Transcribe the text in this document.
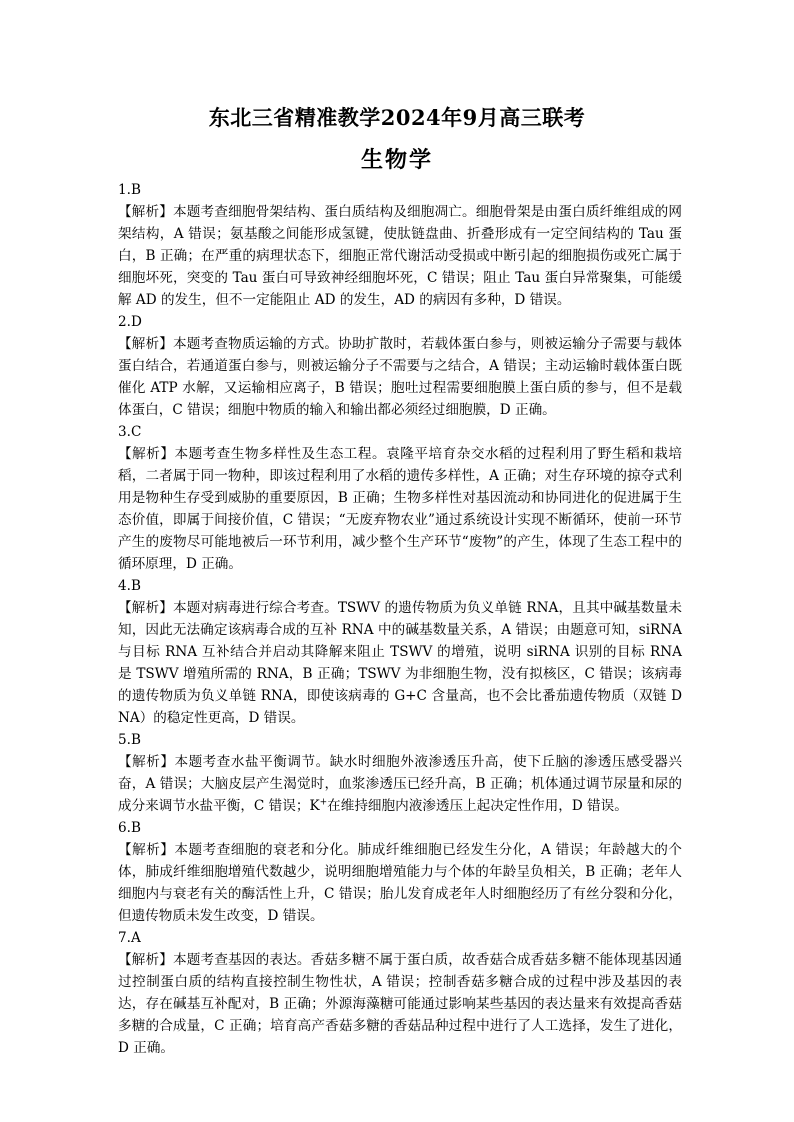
东北三省精准教学2024年9月高三联考
生物学
1.B
【解析】本题考查细胞骨架结构、蛋白质结构及细胞凋亡。细胞骨架是由蛋白质纤维组成的网架结构，A 错误；氨基酸之间能形成氢键，使肽链盘曲、折叠形成有一定空间结构的 Tau 蛋白，B 正确；在严重的病理状态下，细胞正常代谢活动受损或中断引起的细胞损伤或死亡属于细胞坏死，突变的 Tau 蛋白可导致神经细胞坏死，C 错误；阻止 Tau 蛋白异常聚集，可能缓解 AD 的发生，但不一定能阻止 AD 的发生，AD 的病因有多种，D 错误。
2.D
【解析】本题考查物质运输的方式。协助扩散时，若载体蛋白参与，则被运输分子需要与载体蛋白结合，若通道蛋白参与，则被运输分子不需要与之结合，A 错误；主动运输时载体蛋白既催化 ATP 水解，又运输相应离子，B 错误；胞吐过程需要细胞膜上蛋白质的参与，但不是载体蛋白，C 错误；细胞中物质的输入和输出都必须经过细胞膜，D 正确。
3.C
【解析】本题考查生物多样性及生态工程。袁隆平培育杂交水稻的过程利用了野生稻和栽培稻，二者属于同一物种，即该过程利用了水稻的遗传多样性，A 正确；对生存环境的掠夺式利用是物种生存受到威胁的重要原因，B 正确；生物多样性对基因流动和协同进化的促进属于生态价值，即属于间接价值，C 错误；“无废弃物农业”通过系统设计实现不断循环，使前一环节产生的废物尽可能地被后一环节利用，减少整个生产环节“废物”的产生，体现了生态工程中的循环原理，D 正确。
4.B
【解析】本题对病毒进行综合考查。TSWV 的遗传物质为负义单链 RNA，且其中碱基数量未知，因此无法确定该病毒合成的互补 RNA 中的碱基数量关系，A 错误；由题意可知，siRNA 与目标 RNA 互补结合并启动其降解来阻止 TSWV 的增殖，说明 siRNA 识别的目标 RNA 是 TSWV 增殖所需的 RNA，B 正确；TSWV 为非细胞生物，没有拟核区，C 错误；该病毒的遗传物质为负义单链 RNA，即使该病毒的 G+C 含量高，也不会比番茄遗传物质（双链 DNA）的稳定性更高，D 错误。
5.B
【解析】本题考查水盐平衡调节。缺水时细胞外液渗透压升高，使下丘脑的渗透压感受器兴奋，A 错误；大脑皮层产生渴觉时，血浆渗透压已经升高，B 正确；机体通过调节尿量和尿的成分来调节水盐平衡，C 错误；K+在维持细胞内液渗透压上起决定性作用，D 错误。
6.B
【解析】本题考查细胞的衰老和分化。肺成纤维细胞已经发生分化，A 错误；年龄越大的个体，肺成纤维细胞增殖代数越少，说明细胞增殖能力与个体的年龄呈负相关，B 正确；老年人细胞内与衰老有关的酶活性上升，C 错误；胎儿发育成老年人时细胞经历了有丝分裂和分化，但遗传物质未发生改变，D 错误。
7.A
【解析】本题考查基因的表达。香菇多糖不属于蛋白质，故香菇合成香菇多糖不能体现基因通过控制蛋白质的结构直接控制生物性状，A 错误；控制香菇多糖合成的过程中涉及基因的表达，存在碱基互补配对，B 正确；外源海藻糖可能通过影响某些基因的表达量来有效提高香菇多糖的合成量，C 正确；培育高产香菇多糖的香菇品种过程中进行了人工选择，发生了进化，D 正确。
